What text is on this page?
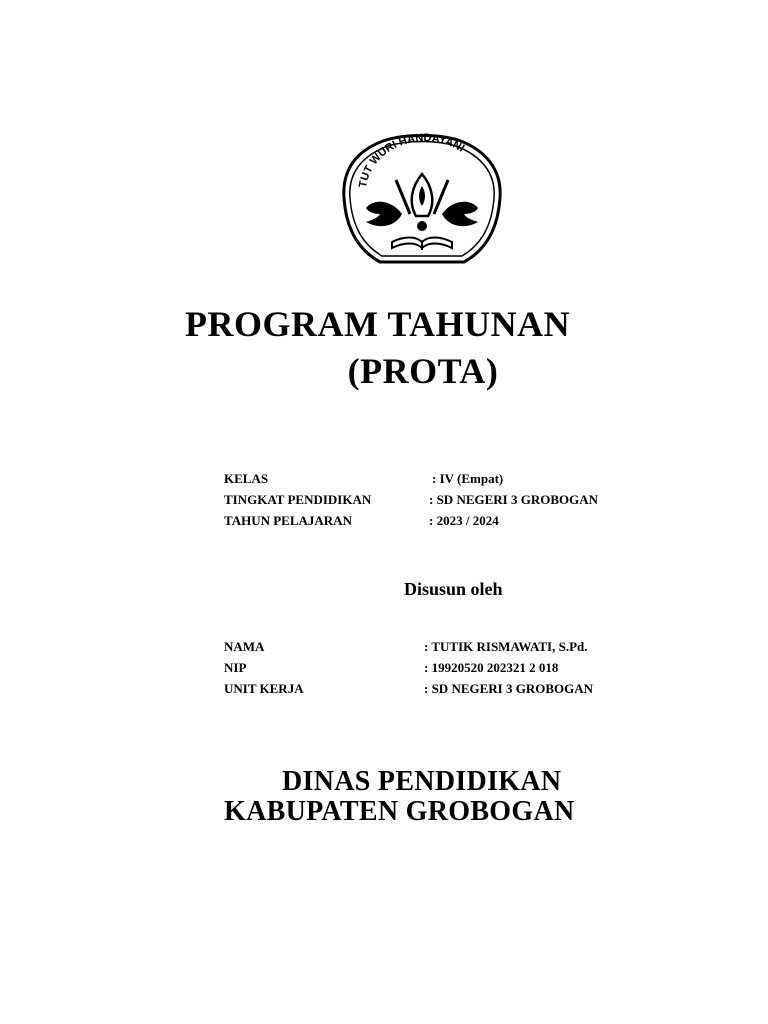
TUT WURI HANDAYANI
PROGRAM TAHUNAN
(PROTA)
KELAS	: IV (Empat)
TINGKAT PENDIDIKAN	: SD NEGERI 3 GROBOGAN
TAHUN PELAJARAN	: 2023 / 2024
Disusun oleh
NAMA	: TUTIK RISMAWATI, S.Pd.
NIP	: 19920520 202321 2 018
UNIT KERJA	: SD NEGERI 3 GROBOGAN
DINAS PENDIDIKAN
KABUPATEN GROBOGAN
